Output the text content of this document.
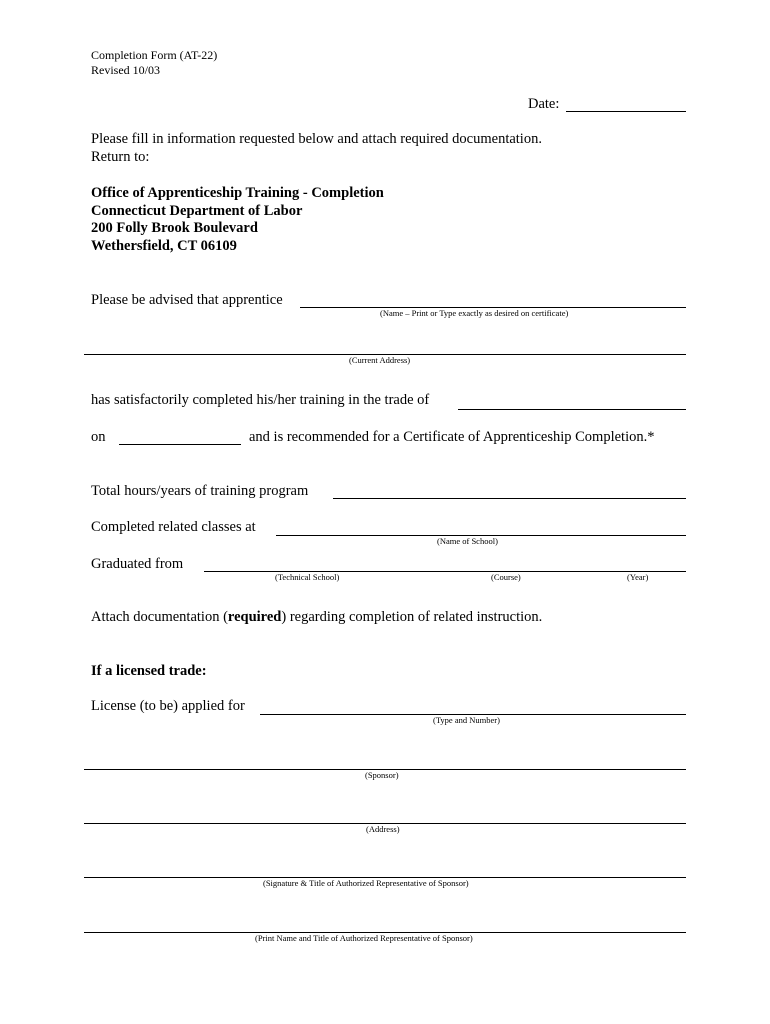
Completion Form (AT-22)
Revised 10/03
Date:
Please fill in information requested below and attach required documentation.
Return to:
Office of Apprenticeship Training - Completion
Connecticut Department of Labor
200 Folly Brook Boulevard
Wethersfield, CT 06109
Please be advised that apprentice
(Name – Print or Type exactly as desired on certificate)
(Current Address)
has satisfactorily completed his/her training in the trade of
on	and is recommended for a Certificate of Apprenticeship Completion.*
Total hours/years of training program
Completed related classes at
(Name of School)
Graduated from
(Technical School)	(Course)	(Year)
Attach documentation (required) regarding completion of related instruction.
If a licensed trade:
License (to be) applied for
(Type and Number)
(Sponsor)
(Address)
(Signature & Title of Authorized Representative of Sponsor)
(Print Name and Title of Authorized Representative of Sponsor)
